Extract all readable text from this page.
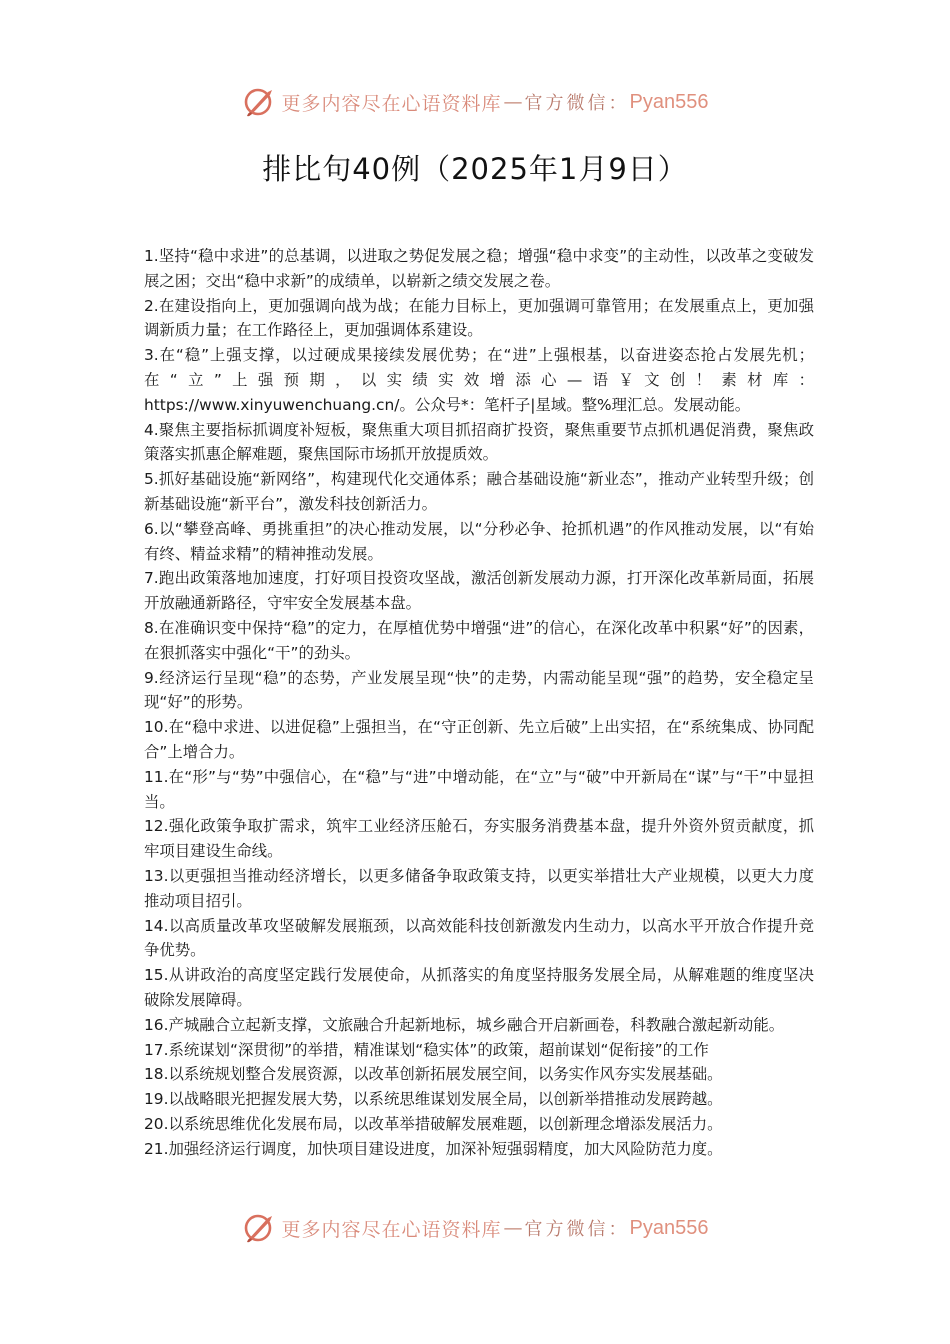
更多内容尽在心语资料库 — 官方微信： Pyan556
排比句40例（2025年1月9日）

1.坚持“稳中求进”的总基调，以进取之势促发展之稳；增强“稳中求变”的主动性，以改革之变破发展之困；交出“稳中求新”的成绩单，以崭新之绩交发展之卷。

2.在建设指向上，更加强调向战为战；在能力目标上，更加强调可靠管用；在发展重点上，更加强调新质力量；在工作路径上，更加强调体系建设。

3.在“稳”上强支撑，以过硬成果接续发展优势；在“进”上强根基，以奋进姿态抢占发展先机；在“立”上强预期，以实绩实效增添心—语￥文创！素材库：https://www.xinyuwenchuang.cn/。公众号*：笔杆子|星域。整%理汇总。发展动能。

4.聚焦主要指标抓调度补短板，聚焦重大项目抓招商扩投资，聚焦重要节点抓机遇促消费，聚焦政策落实抓惠企解难题，聚焦国际市场抓开放提质效。

5.抓好基础设施“新网络”，构建现代化交通体系；融合基础设施“新业态”，推动产业转型升级；创新基础设施“新平台”，激发科技创新活力。

6.以“攀登高峰、勇挑重担”的决心推动发展，以“分秒必争、抢抓机遇”的作风推动发展，以“有始有终、精益求精”的精神推动发展。

7.跑出政策落地加速度，打好项目投资攻坚战，激活创新发展动力源，打开深化改革新局面，拓展开放融通新路径，守牢安全发展基本盘。

8.在准确识变中保持“稳”的定力，在厚植优势中增强“进”的信心，在深化改革中积累“好”的因素，在狠抓落实中强化“干”的劲头。

9.经济运行呈现“稳”的态势，产业发展呈现“快”的走势，内需动能呈现“强”的趋势，安全稳定呈现“好”的形势。

10.在“稳中求进、以进促稳”上强担当，在“守正创新、先立后破”上出实招，在“系统集成、协同配合”上增合力。

11.在“形”与“势”中强信心，在“稳”与“进”中增动能，在“立”与“破”中开新局在“谋”与“干”中显担当。

12.强化政策争取扩需求，筑牢工业经济压舱石，夯实服务消费基本盘，提升外资外贸贡献度，抓牢项目建设生命线。

13.以更强担当推动经济增长，以更多储备争取政策支持，以更实举措壮大产业规模，以更大力度推动项目招引。

14.以高质量改革攻坚破解发展瓶颈，以高效能科技创新激发内生动力，以高水平开放合作提升竞争优势。

15.从讲政治的高度坚定践行发展使命，从抓落实的角度坚持服务发展全局，从解难题的维度坚决破除发展障碍。

16.产城融合立起新支撑，文旅融合升起新地标，城乡融合开启新画卷，科教融合激起新动能。

17.系统谋划“深贯彻”的举措，精准谋划“稳实体”的政策，超前谋划“促衔接”的工作

18.以系统规划整合发展资源，以改革创新拓展发展空间，以务实作风夯实发展基础。

19.以战略眼光把握发展大势，以系统思维谋划发展全局，以创新举措推动发展跨越。

20.以系统思维优化发展布局，以改革举措破解发展难题，以创新理念增添发展活力。

21.加强经济运行调度，加快项目建设进度，加深补短强弱精度，加大风险防范力度。

更多内容尽在心语资料库 — 官方微信： Pyan556
